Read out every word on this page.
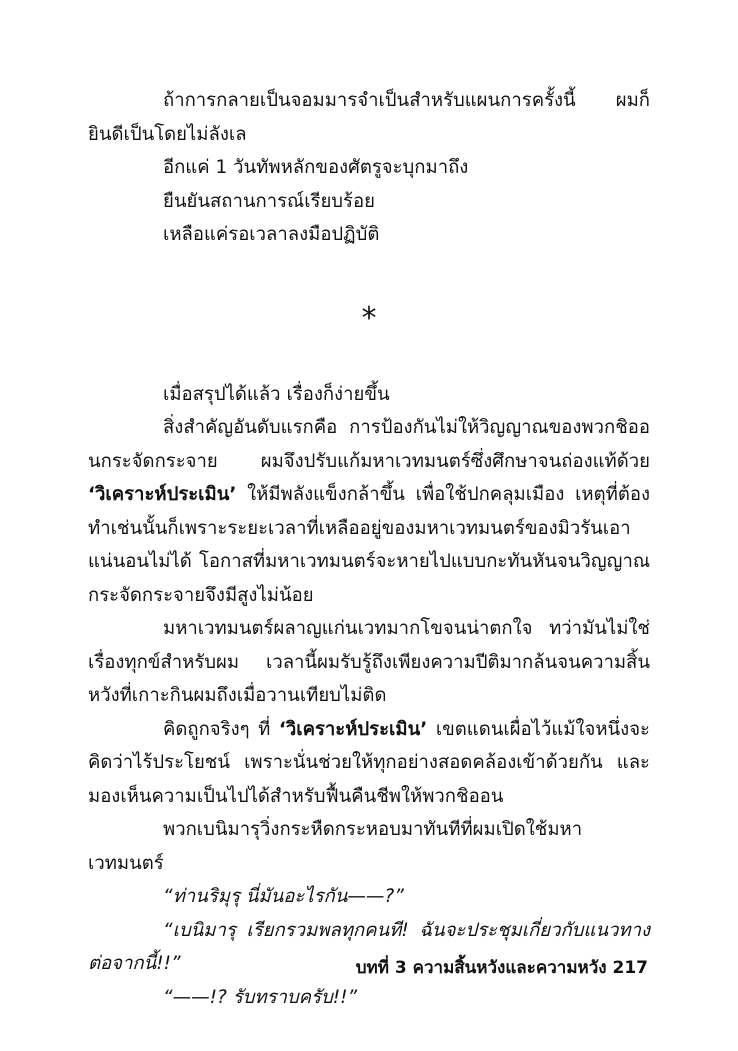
ถ้าการกลายเป็นจอมมารจำเป็นสำหรับแผนการครั้งนี้ ผมก็ยินดีเป็นโดยไม่ลังเล

อีกแค่ 1 วันทัพหลักของศัตรูจะบุกมาถึง

ยืนยันสถานการณ์เรียบร้อย

เหลือแค่รอเวลาลงมือปฏิบัติ

*

เมื่อสรุปได้แล้ว เรื่องก็ง่ายขึ้น

สิ่งสำคัญอันดับแรกคือ การป้องกันไม่ให้วิญญาณของพวกชิออนกระจัดกระจาย ผมจึงปรับแก้มหาเวทมนตร์ซึ่งศึกษาจนถ่องแท้ด้วย ‘วิเคราะห์ประเมิน’ ให้มีพลังแข็งกล้าขึ้น เพื่อใช้ปกคลุมเมือง เหตุที่ต้องทำเช่นนั้นก็เพราะระยะเวลาที่เหลืออยู่ของมหาเวทมนตร์ของมิวรันเอาแน่นอนไม่ได้ โอกาสที่มหาเวทมนตร์จะหายไปแบบกะทันหันจนวิญญาณกระจัดกระจายจึงมีสูงไม่น้อย

มหาเวทมนตร์ผลาญแก่นเวทมากโขจนน่าตกใจ ทว่ามันไม่ใช่เรื่องทุกข์สำหรับผม เวลานี้ผมรับรู้ถึงเพียงความปีติมากล้นจนความสิ้นหวังที่เกาะกินผมถึงเมื่อวานเทียบไม่ติด

คิดถูกจริงๆ ที่ ‘วิเคราะห์ประเมิน’ เขตแดนเผื่อไว้แม้ใจหนึ่งจะคิดว่าไร้ประโยชน์ เพราะนั่นช่วยให้ทุกอย่างสอดคล้องเข้าด้วยกัน และมองเห็นความเป็นไปได้สำหรับฟื้นคืนชีพให้พวกชิออน

พวกเบนิมารุวิ่งกระหืดกระหอบมาทันทีที่ผมเปิดใช้มหาเวทมนตร์

“ท่านริมุรุ นี่มันอะไรกัน——?”

“เบนิมารุ เรียกรวมพลทุกคนที! ฉันจะประชุมเกี่ยวกับแนวทางต่อจากนี้!!”

“——!? รับทราบครับ!!”

บทที่ 3 ความสิ้นหวังและความหวัง 217
